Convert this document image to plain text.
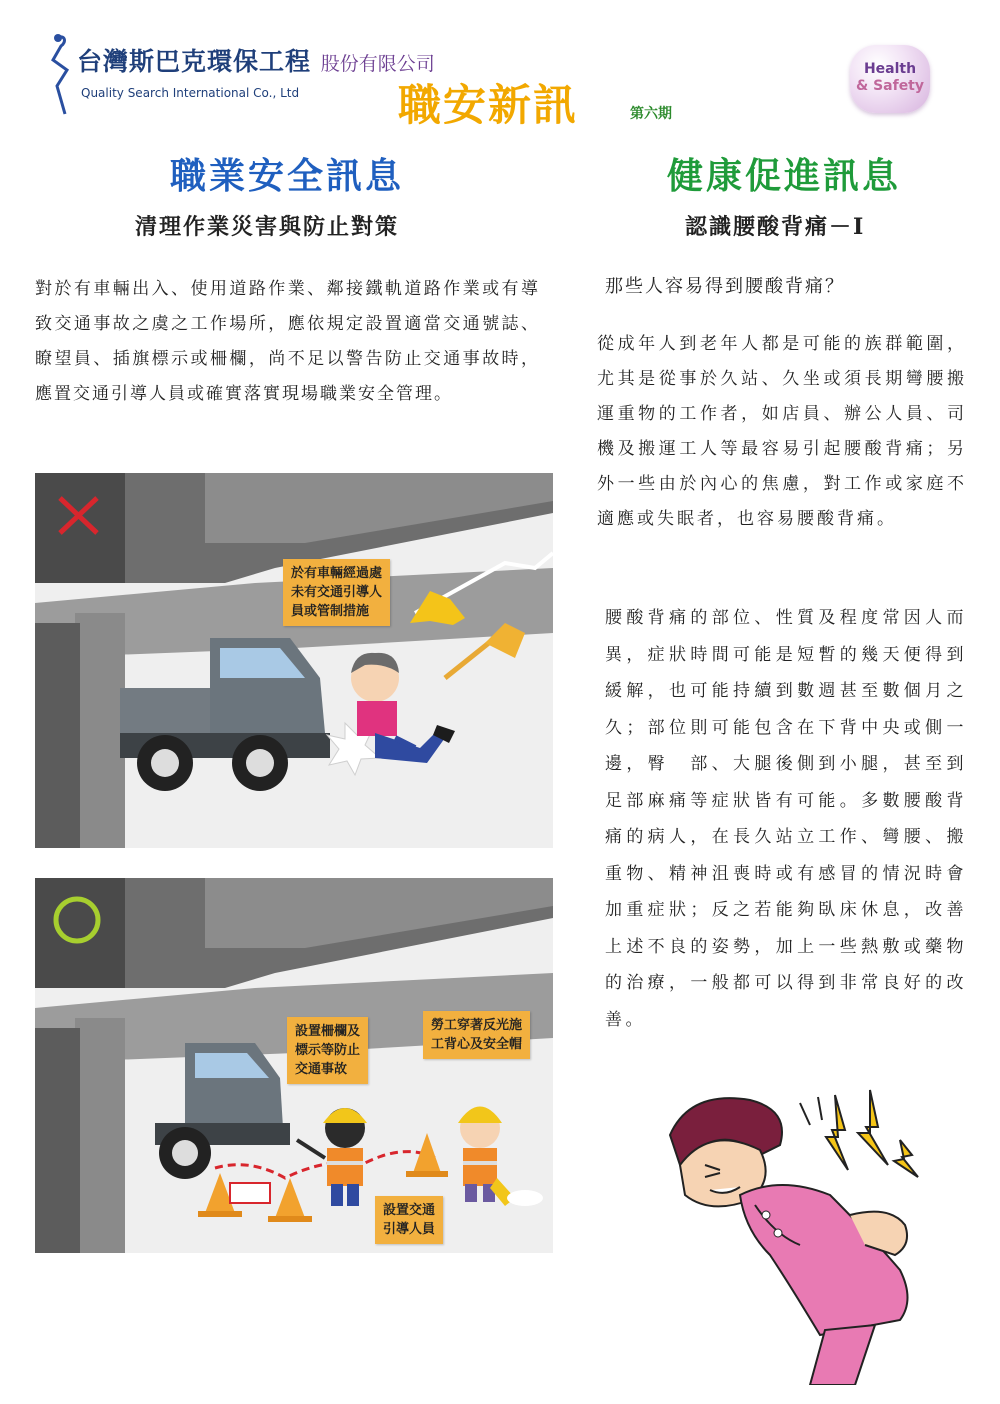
台灣斯巴克環保工程 股份有限公司
Quality Search International Co., Ltd 職安新訊	第六期
Health
& Safety
職業安全訊息	健康促進訊息
清理作業災害與防止對策	認識腰酸背痛－Ⅰ
對於有車輛出入、使用道路作業、鄰接鐵軌道路作業或有導致交通事故之虞之工作場所，應依規定設置適當交通號誌、瞭望員、插旗標示或柵欄，尚不足以警告防止交通事故時，應置交通引導人員或確實落實現場職業安全管理。
於有車輛經過處
未有交通引導人
員或管制措施
設置柵欄及
標示等防止
交通事故
勞工穿著反光施
工背心及安全帽
設置交通
引導人員
那些人容易得到腰酸背痛？
從成年人到老年人都是可能的族群範圍，尤其是從事於久站、久坐或須長期彎腰搬運重物的工作者，如店員、辦公人員、司機及搬運工人等最容易引起腰酸背痛；另外一些由於內心的焦慮，對工作或家庭不適應或失眠者，也容易腰酸背痛。
腰酸背痛的部位、性質及程度常因人而異，症狀時間可能是短暫的幾天便得到緩解，也可能持續到數週甚至數個月之久；部位則可能包含在下背中央或側一邊，臀　部、大腿後側到小腿，甚至到足部麻痛等症狀皆有可能。多數腰酸背痛的病人，在長久站立工作、彎腰、搬重物、精神沮喪時或有感冒的情況時會加重症狀；反之若能夠臥床休息，改善上述不良的姿勢，加上一些熱敷或藥物的治療，一般都可以得到非常良好的改善。
